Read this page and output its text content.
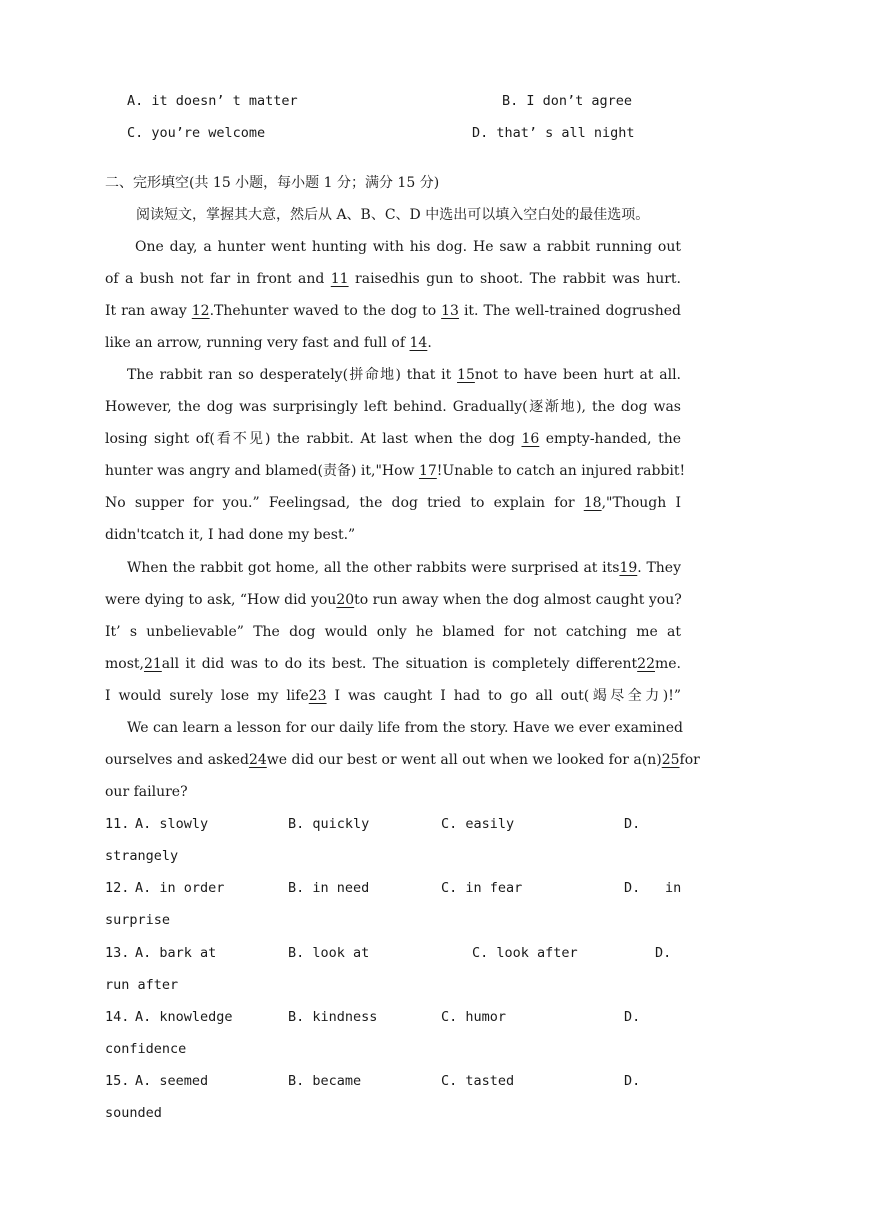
A. it doesn’ t matter	B. I don’t agree
C. you’re welcome	D. that’ s all night
二、完形填空(共 15 小题，每小题 1 分；满分 15 分)
阅读短文，掌握其大意，然后从 A、B、C、D 中选出可以填入空白处的最佳选项。
One day, a hunter went hunting with his dog. He saw a rabbit running out
of a bush not far in front and 11 raisedhis gun to shoot. The rabbit was hurt.
It ran away 12.Thehunter waved to the dog to 13 it. The well-trained dogrushed
like an arrow, running very fast and full of 14.
The rabbit ran so desperately(拼命地) that it 15not to have been hurt at all.
However, the dog was surprisingly left behind. Gradually(逐渐地), the dog was
losing sight of(看不见) the rabbit. At last when the dog 16 empty-handed, the
hunter was angry and blamed(责备) it,"How 17!Unable to catch an injured rabbit!
No supper for you.” Feelingsad, the dog tried to explain for 18,"Though I
didn'tcatch it, I had done my best.”
When the rabbit got home, all the other rabbits were surprised at its19. They
were dying to ask, “How did you20to run away when the dog almost caught you?
It’ s unbelievable” The dog would only he blamed for not catching me at
most,21all it did was to do its best. The situation is completely different22me.
I would surely lose my life23 I was caught I had to go all out(竭尽全力)!”
We can learn a lesson for our daily life from the story. Have we ever examined
ourselves and asked24we did our best or went all out when we looked for a(n)25for
our failure?
11. A. slowly	B. quickly	C. easily	D.
strangely
12. A. in order	B. in need	C. in fear	D. in
surprise
13. A. bark at	B. look at	C. look after	D.
run after
14. A. knowledge	B. kindness	C. humor	D.
confidence
15. A. seemed	B. became	C. tasted	D.
sounded
